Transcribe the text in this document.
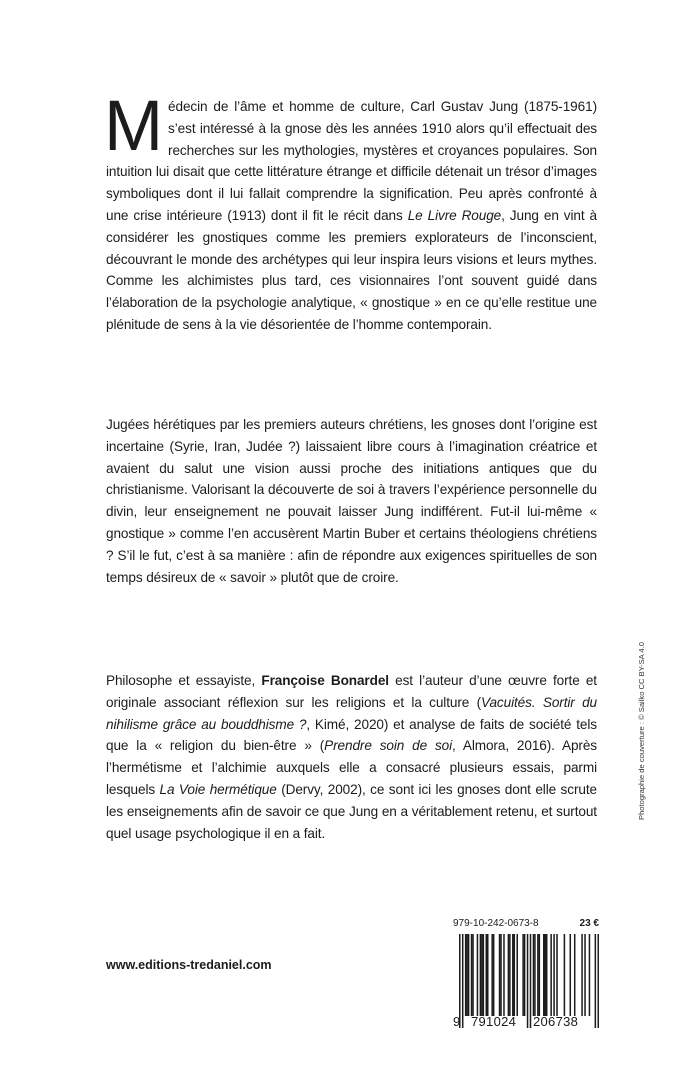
Médecin de l’âme et homme de culture, Carl Gustav Jung (1875-1961) s’est intéressé à la gnose dès les années 1910 alors qu’il effectuait des recherches sur les mythologies, mystères et croyances populaires. Son intuition lui disait que cette littérature étrange et difficile détenait un trésor d’images symboliques dont il lui fallait comprendre la signification. Peu après confronté à une crise intérieure (1913) dont il fit le récit dans Le Livre Rouge, Jung en vint à considérer les gnostiques comme les premiers explorateurs de l’inconscient, découvrant le monde des archétypes qui leur inspira leurs visions et leurs mythes. Comme les alchimistes plus tard, ces visionnaires l’ont souvent guidé dans l’élaboration de la psychologie analytique, « gnostique » en ce qu’elle restitue une plénitude de sens à la vie désorientée de l’homme contemporain.

Jugées hérétiques par les premiers auteurs chrétiens, les gnoses dont l’origine est incertaine (Syrie, Iran, Judée ?) laissaient libre cours à l’imagination créatrice et avaient du salut une vision aussi proche des initiations antiques que du christianisme. Valorisant la découverte de soi à travers l’expérience personnelle du divin, leur enseignement ne pouvait laisser Jung indifférent. Fut-il lui-même « gnostique » comme l’en accusèrent Martin Buber et certains théologiens chrétiens ? S’il le fut, c’est à sa manière : afin de répondre aux exigences spirituelles de son temps désireux de « savoir » plutôt que de croire.

Philosophe et essayiste, Françoise Bonardel est l’auteur d’une œuvre forte et originale associant réflexion sur les religions et la culture (Vacuités. Sortir du nihilisme grâce au bouddhisme ?, Kimé, 2020) et analyse de faits de société tels que la « religion du bien-être » (Prendre soin de soi, Almora, 2016). Après l’hermétisme et l’alchimie auxquels elle a consacré plusieurs essais, parmi lesquels La Voie hermétique (Dervy, 2002), ce sont ici les gnoses dont elle scrute les enseignements afin de savoir ce que Jung en a véritablement retenu, et surtout quel usage psychologique il en a fait.

Photographie de couverture : © Sailko CC BY-SA 4.0
www.editions-tredaniel.com
979-10-242-0673-8	23 €
9 791024 206738
